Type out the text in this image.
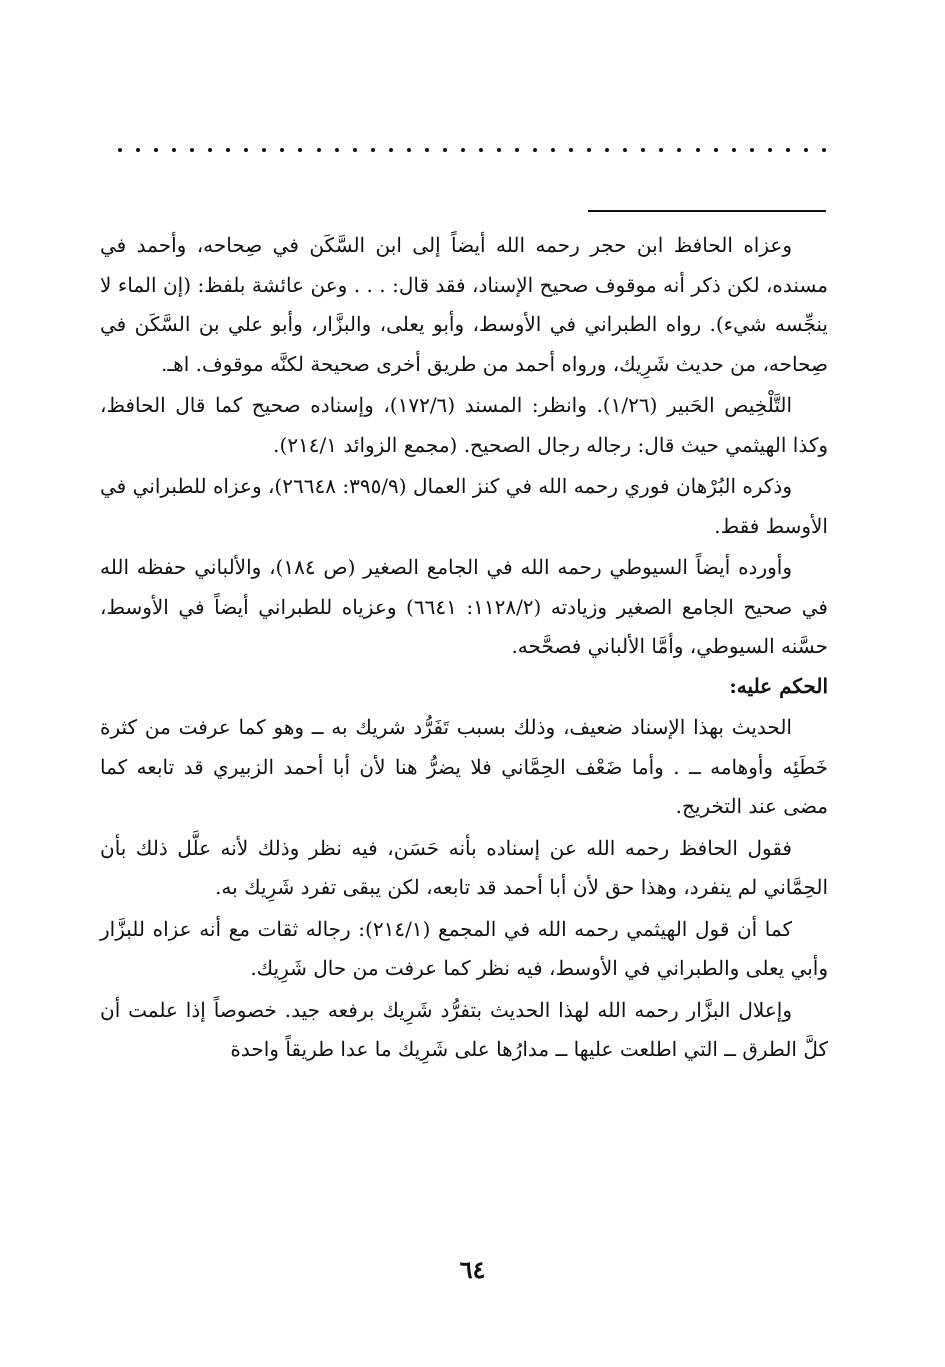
وعزاه الحافظ ابن حجر رحمه الله أيضاً إلى ابن السَّكَن في صِحاحه، وأحمد في مسنده، لكن ذكر أنه موقوف صحيح الإسناد، فقد قال: . . . وعن عائشة بلفظ: (إن الماء لا ينجِّسه شيء). رواه الطبراني في الأوسط، وأبو يعلى، والبزَّار، وأبو علي بن السَّكَن في صِحاحه، من حديث شَرِيك، ورواه أحمد من طريق أخرى صحيحة لكنَّه موقوف. اهـ.

التَّلْخِيص الحَبير (١/٢٦). وانظر: المسند (١٧٢/٦)، وإسناده صحيح كما قال الحافظ، وكذا الهيثمي حيث قال: رجاله رجال الصحيح. (مجمع الزوائد ٢١٤/١).

وذكره البُرْهان فوري رحمه الله في كنز العمال (٣٩٥/٩: ٢٦٦٤٨)، وعزاه للطبراني في الأوسط فقط.

وأورده أيضاً السيوطي رحمه الله في الجامع الصغير (ص ١٨٤)، والألباني حفظه الله في صحيح الجامع الصغير وزيادته (١١٢٨/٢: ٦٦٤١) وعزياه للطبراني أيضاً في الأوسط، حسَّنه السيوطي، وأمَّا الألباني فصحَّحه.

الحكم عليه:

الحديث بهذا الإسناد ضعيف، وذلك بسبب تَفَرُّد شريك به ــ وهو كما عرفت من كثرة خَطَئِه وأوهامه ــ . وأما ضَعْف الحِمَّاني فلا يضرُّ هنا لأن أبا أحمد الزبيري قد تابعه كما مضى عند التخريج.

فقول الحافظ رحمه الله عن إسناده بأنه حَسَن، فيه نظر وذلك لأنه علَّل ذلك بأن الحِمَّاني لم ينفرد، وهذا حق لأن أبا أحمد قد تابعه، لكن يبقى تفرد شَرِيك به.

كما أن قول الهيثمي رحمه الله في المجمع (٢١٤/١): رجاله ثقات مع أنه عزاه للبزَّار وأبي يعلى والطبراني في الأوسط، فيه نظر كما عرفت من حال شَرِيك.

وإعلال البزَّار رحمه الله لهذا الحديث بتفرُّد شَرِيك برفعه جيد. خصوصاً إذا علمت أن كلَّ الطرق ــ التي اطلعت عليها ــ مدارُها على شَرِيك ما عدا طريقاً واحدة

٦٤
